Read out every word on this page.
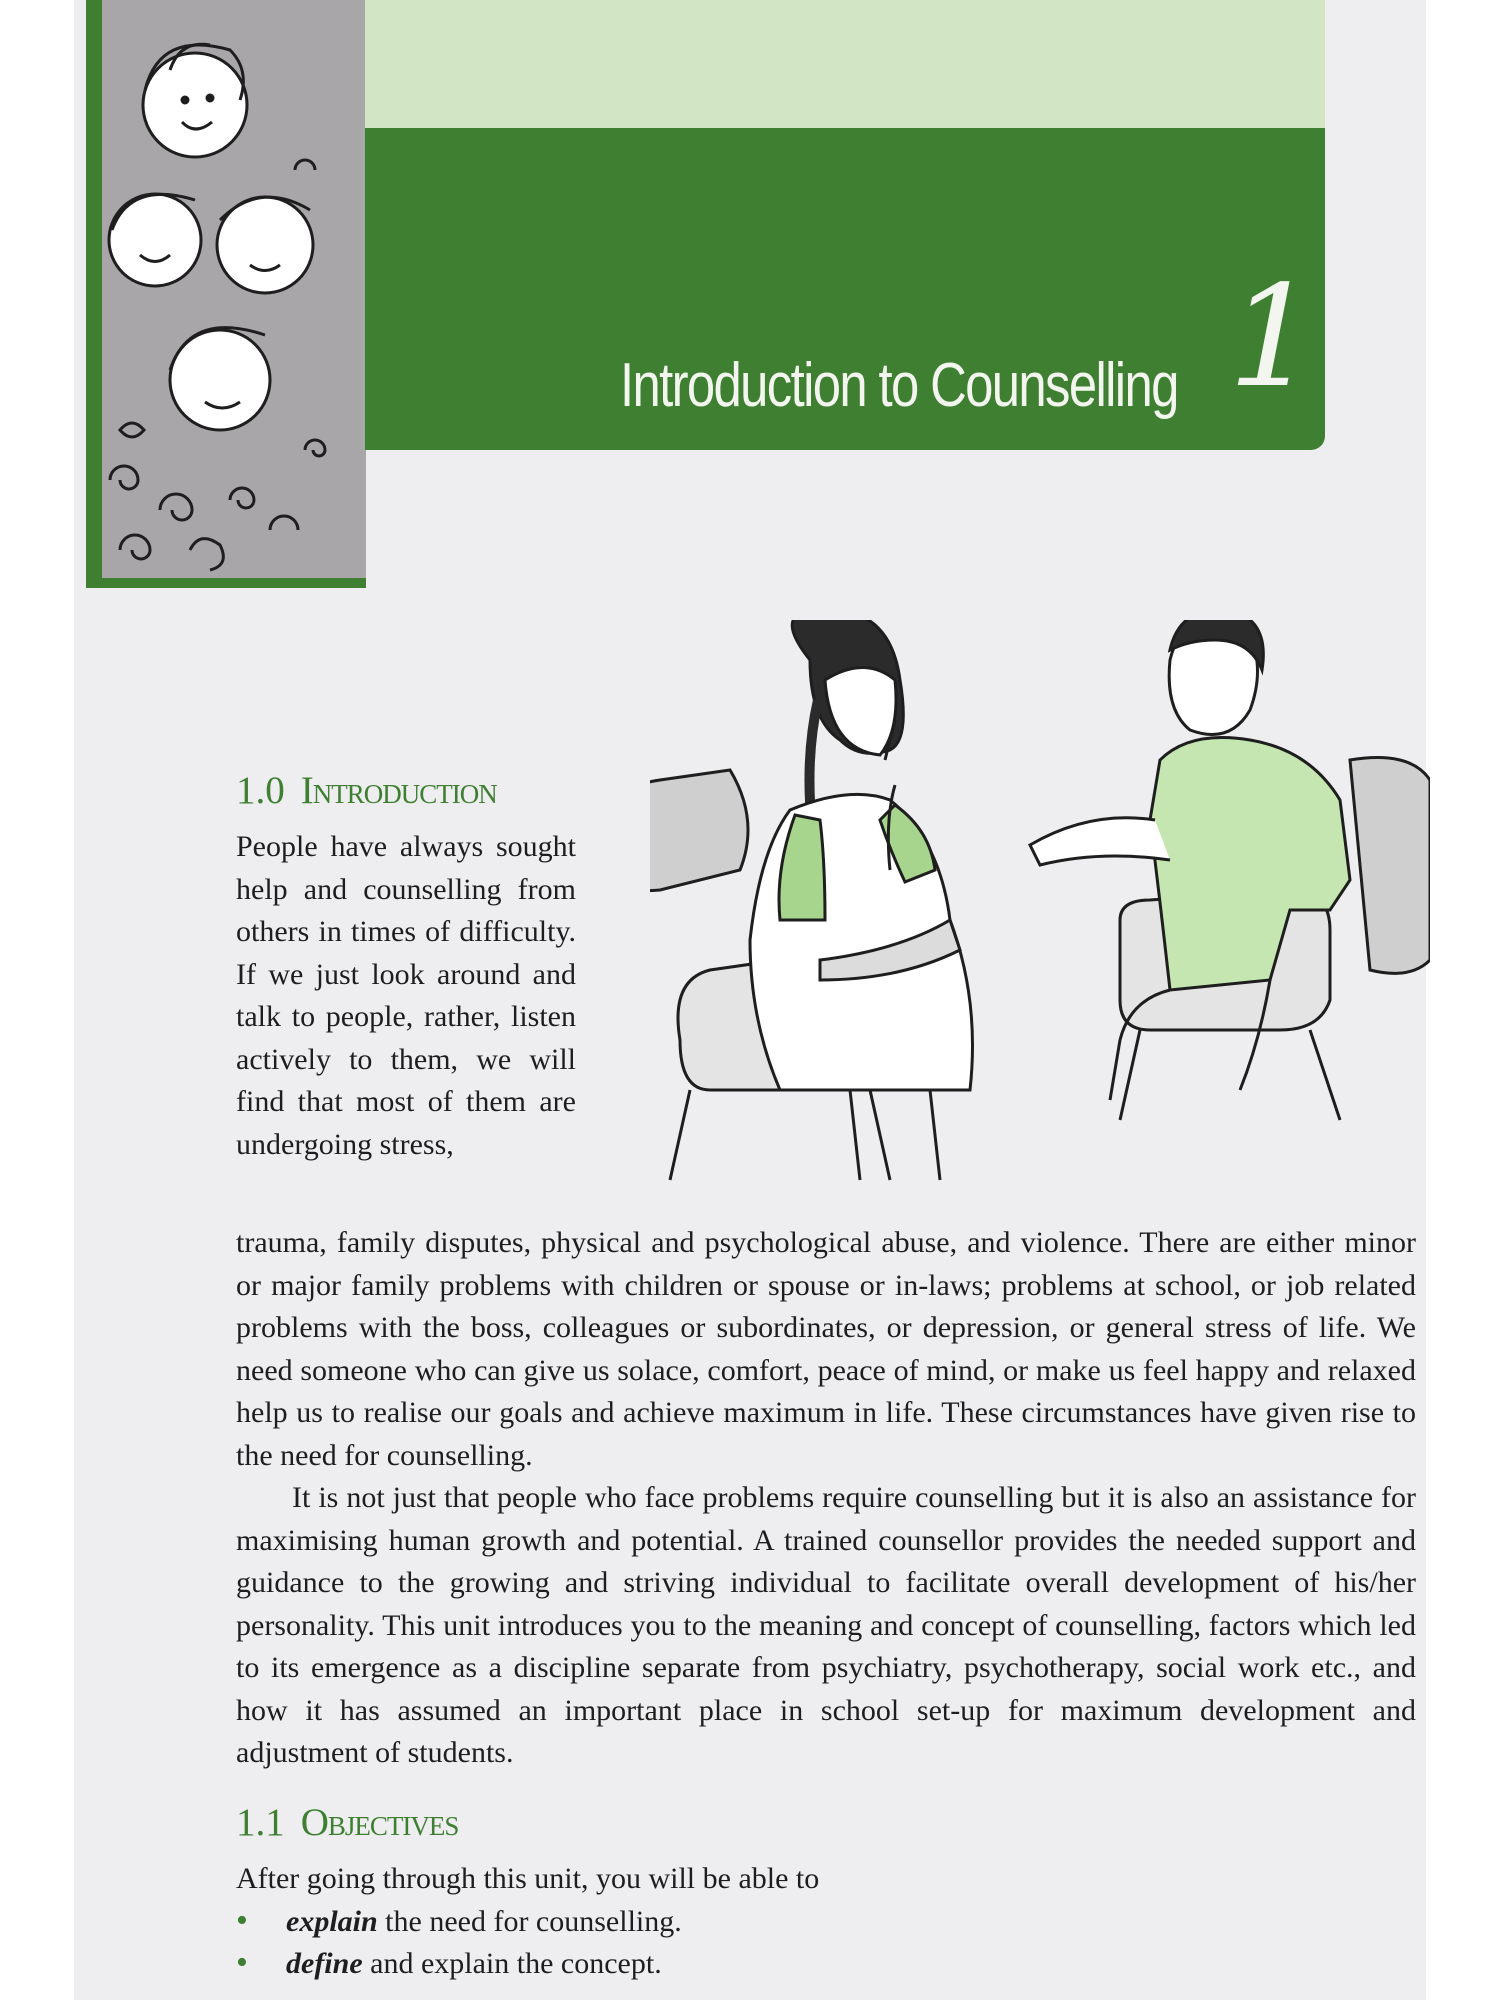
Introduction to Counselling 1
1.0 Introduction

People have always sought help and counselling from others in times of difficulty. If we just look around and talk to people, rather, listen actively to them, we will find that most of them are undergoing stress,

trauma, family disputes, physical and psychological abuse, and violence. There are either minor or major family problems with children or spouse or in-laws; problems at school, or job related problems with the boss, colleagues or subordinates, or depression, or general stress of life. We need someone who can give us solace, comfort, peace of mind, or make us feel happy and relaxed help us to realise our goals and achieve maximum in life. These circumstances have given rise to the need for counselling.

It is not just that people who face problems require counselling but it is also an assistance for maximising human growth and potential. A trained counsellor provides the needed support and guidance to the growing and striving individual to facilitate overall development of his/her personality. This unit introduces you to the meaning and concept of counselling, factors which led to its emergence as a discipline separate from psychiatry, psychotherapy, social work etc., and how it has assumed an important place in school set-up for maximum development and adjustment of students.

1.1 Objectives

After going through this unit, you will be able to

• explain the need for counselling.
• define and explain the concept.
